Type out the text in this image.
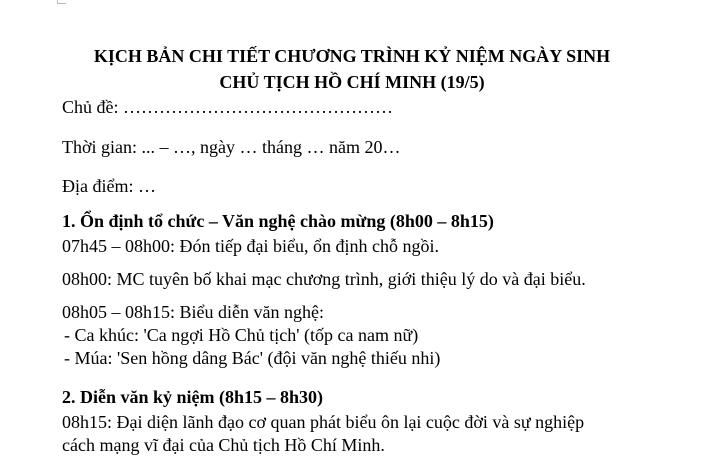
KỊCH BẢN CHI TIẾT CHƯƠNG TRÌNH KỶ NIỆM NGÀY SINH
CHỦ TỊCH HỒ CHÍ MINH (19/5)
Chủ đề: ………………………………………
Thời gian: ... – …, ngày … tháng … năm 20…
Địa điểm: …
1. Ổn định tổ chức – Văn nghệ chào mừng (8h00 – 8h15)
07h45 – 08h00: Đón tiếp đại biểu, ổn định chỗ ngồi.
08h00: MC tuyên bố khai mạc chương trình, giới thiệu lý do và đại biểu.
08h05 – 08h15: Biểu diễn văn nghệ:
- Ca khúc: 'Ca ngợi Hồ Chủ tịch' (tốp ca nam nữ)
- Múa: 'Sen hồng dâng Bác' (đội văn nghệ thiếu nhi)
2. Diễn văn kỷ niệm (8h15 – 8h30)
08h15: Đại diện lãnh đạo cơ quan phát biểu ôn lại cuộc đời và sự nghiệp
cách mạng vĩ đại của Chủ tịch Hồ Chí Minh.
